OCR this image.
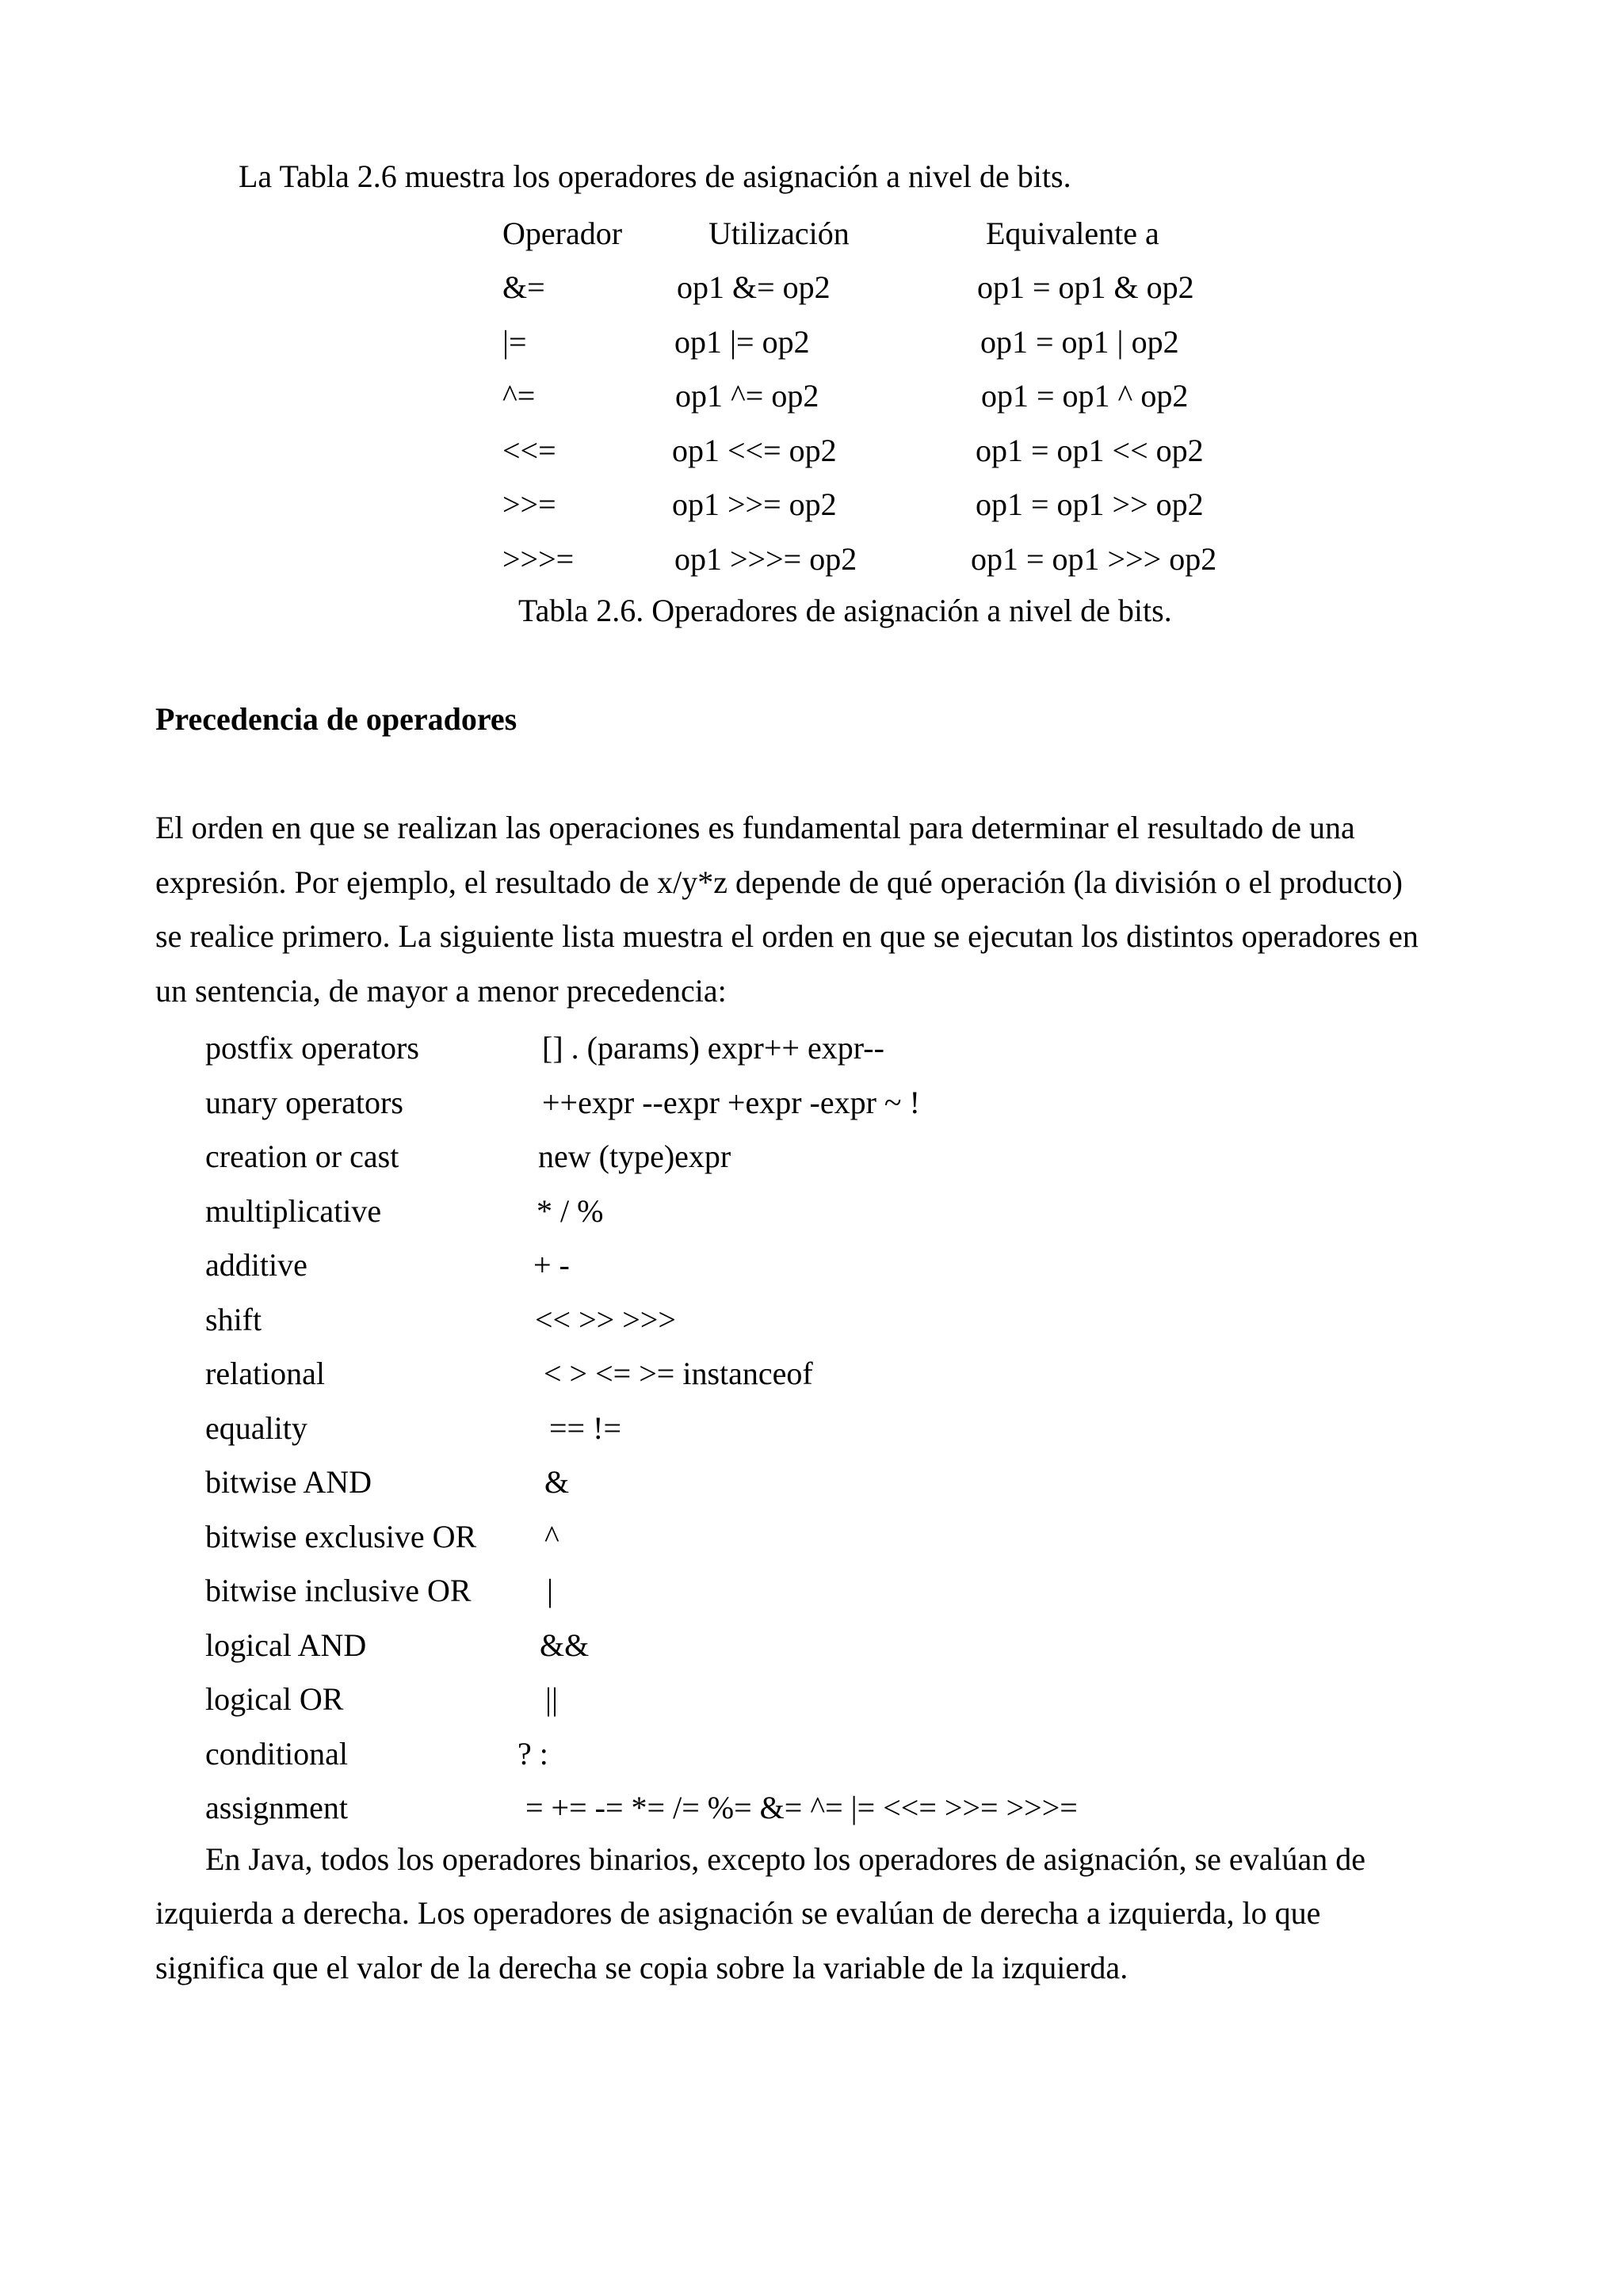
La Tabla 2.6 muestra los operadores de asignación a nivel de bits.
Operador	Utilización	Equivalente a
&=	op1 &= op2	op1 = op1 & op2
|=	op1 |= op2	op1 = op1 | op2
^=	op1 ^= op2	op1 = op1 ^ op2
<<=	op1 <<= op2	op1 = op1 << op2
>>=	op1 >>= op2	op1 = op1 >> op2
>>>=	op1 >>>= op2	op1 = op1 >>> op2
Tabla 2.6. Operadores de asignación a nivel de bits.
Precedencia de operadores
El orden en que se realizan las operaciones es fundamental para determinar el resultado de una
expresión. Por ejemplo, el resultado de x/y*z depende de qué operación (la división o el producto)
se realice primero. La siguiente lista muestra el orden en que se ejecutan los distintos operadores en
un sentencia, de mayor a menor precedencia:
postfix operators	[] . (params) expr++ expr--
unary operators	++expr --expr +expr -expr ~ !
creation or cast	new (type)expr
multiplicative	* / %
additive	+ -
shift	<< >> >>>
relational	< > <= >= instanceof
equality	== !=
bitwise AND	&
bitwise exclusive OR ^
bitwise inclusive OR |
logical AND	&&
logical OR	||
conditional	? :
assignment	= += -= *= /= %= &= ^= |= <<= >>= >>>=
En Java, todos los operadores binarios, excepto los operadores de asignación, se evalúan de
izquierda a derecha. Los operadores de asignación se evalúan de derecha a izquierda, lo que
significa que el valor de la derecha se copia sobre la variable de la izquierda.
